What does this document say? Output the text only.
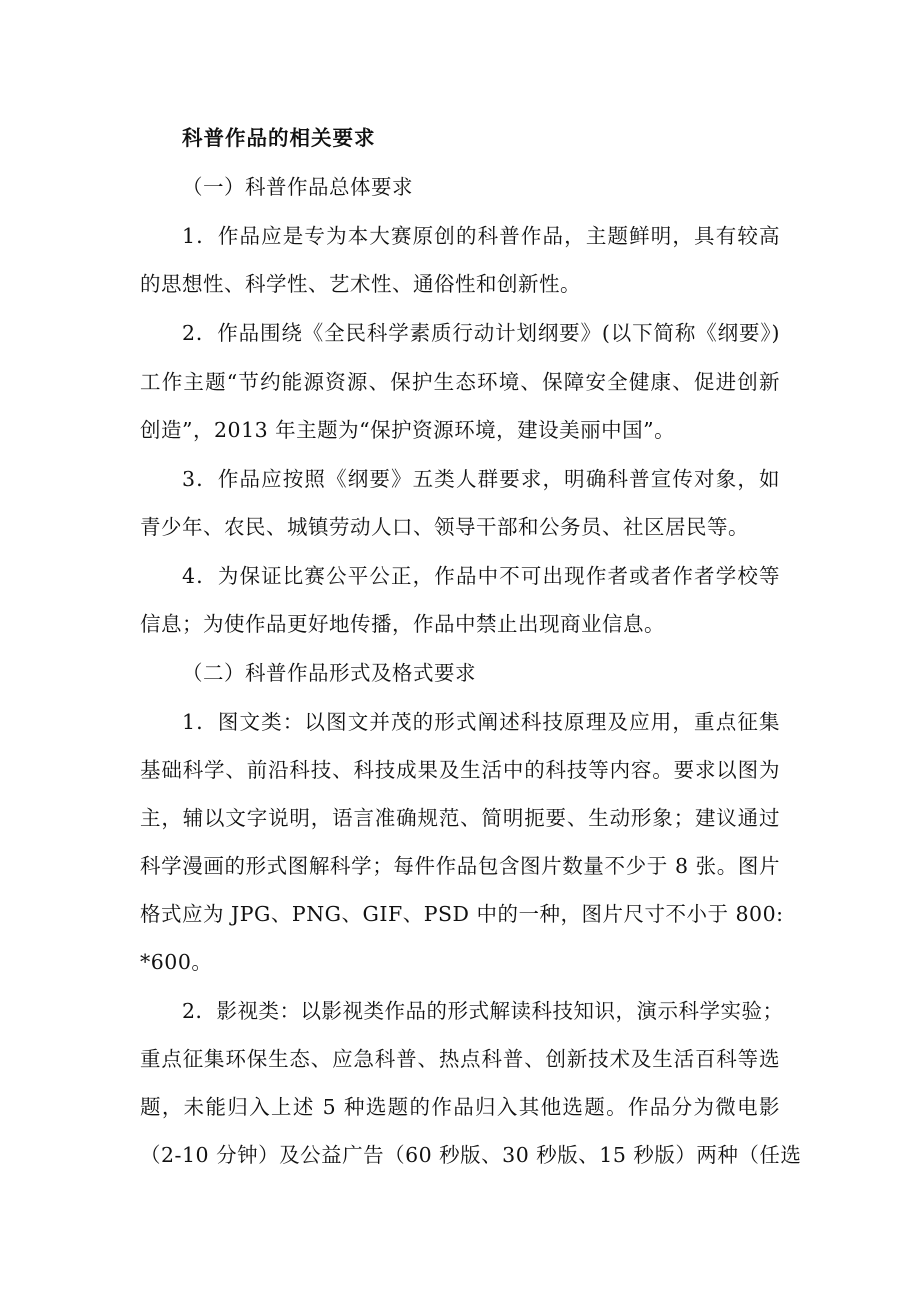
科普作品的相关要求
（一）科普作品总体要求
1．作品应是专为本大赛原创的科普作品，主题鲜明，具有较高
的思想性、科学性、艺术性、通俗性和创新性。
2．作品围绕《全民科学素质行动计划纲要》(以下简称《纲要》)
工作主题“节约能源资源、保护生态环境、保障安全健康、促进创新
创造”，2013 年主题为“保护资源环境，建设美丽中国”。
3．作品应按照《纲要》五类人群要求，明确科普宣传对象，如
青少年、农民、城镇劳动人口、领导干部和公务员、社区居民等。
4．为保证比赛公平公正，作品中不可出现作者或者作者学校等
信息；为使作品更好地传播，作品中禁止出现商业信息。
（二）科普作品形式及格式要求
1．图文类：以图文并茂的形式阐述科技原理及应用，重点征集
基础科学、前沿科技、科技成果及生活中的科技等内容。要求以图为
主，辅以文字说明，语言准确规范、简明扼要、生动形象；建议通过
科学漫画的形式图解科学；每件作品包含图片数量不少于 8 张。图片
格式应为 JPG、PNG、GIF、PSD 中的一种，图片尺寸不小于 800:
*600。
2．影视类：以影视类作品的形式解读科技知识，演示科学实验；
重点征集环保生态、应急科普、热点科普、创新技术及生活百科等选
题，未能归入上述 5 种选题的作品归入其他选题。作品分为微电影
（2-10 分钟）及公益广告（60 秒版、30 秒版、15 秒版）两种（任选
